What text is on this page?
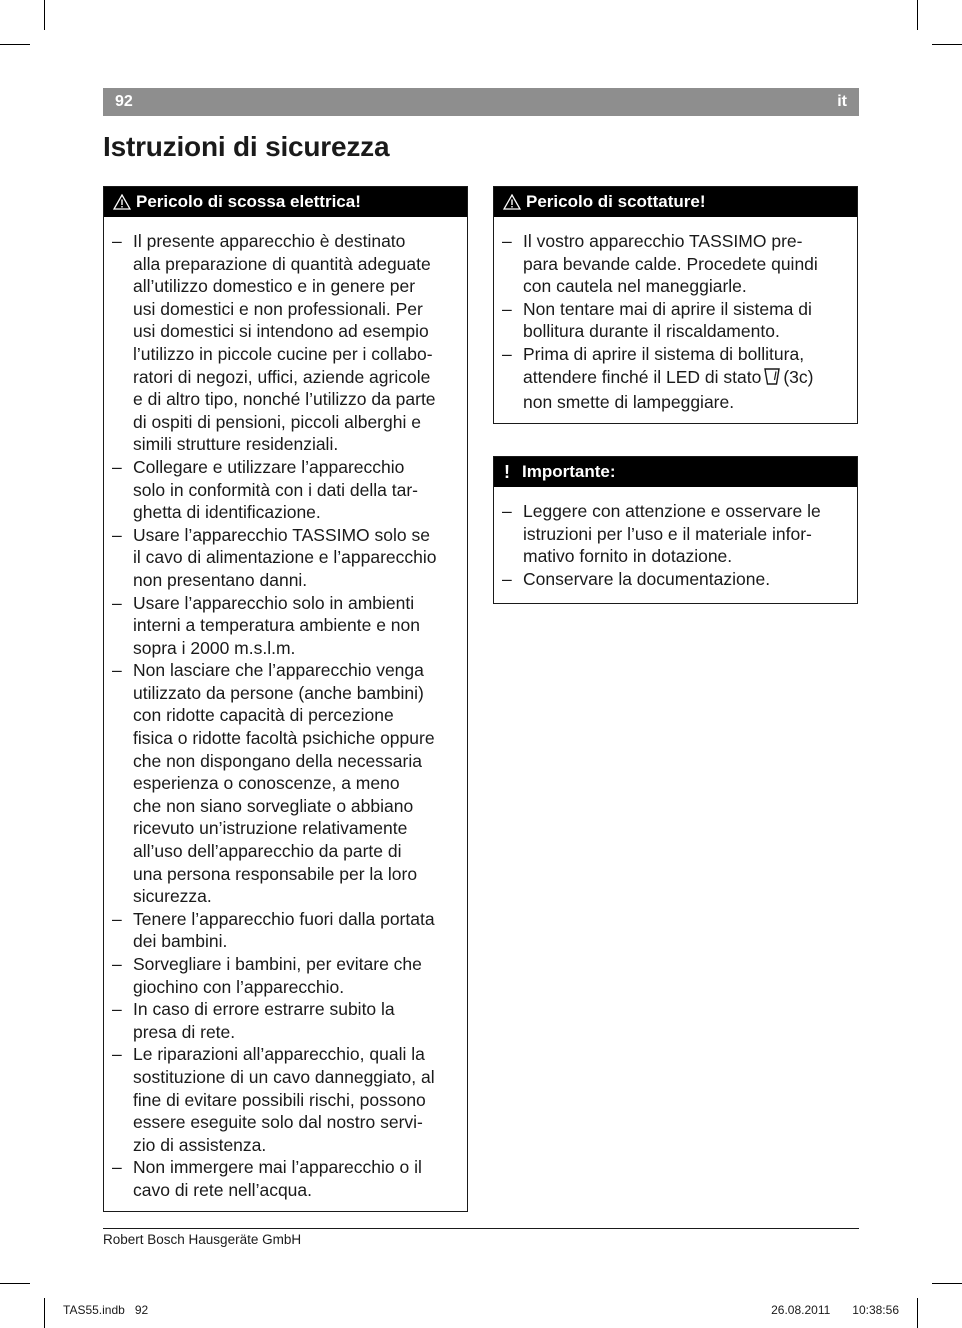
92	it
Istruzioni di sicurezza
Pericolo di scossa elettrica!
– Il presente apparecchio è destinato
alla preparazione di quantità adeguate
all’utilizzo domestico e in genere per
usi domestici e non professionali. Per
usi domestici si intendono ad esempio
l’utilizzo in piccole cucine per i collabo-
ratori di negozi, uffici, aziende agricole
e di altro tipo, nonché l’utilizzo da parte
di ospiti di pensioni, piccoli alberghi e
simili strutture residenziali.
– Collegare e utilizzare l’apparecchio
solo in conformità con i dati della tar-
ghetta di identificazione.
– Usare l’apparecchio TASSIMO solo se
il cavo di alimentazione e l’apparecchio
non presentano danni.
– Usare l’apparecchio solo in ambienti
interni a temperatura ambiente e non
sopra i 2000 m.s.l.m.
– Non lasciare che l’apparecchio venga
utilizzato da persone (anche bambini)
con ridotte capacità di percezione
fisica o ridotte facoltà psichiche oppure
che non dispongano della necessaria
esperienza o conoscenze, a meno
che non siano sorvegliate o abbiano
ricevuto un’istruzione relativamente
all’uso dell’apparecchio da parte di
una persona responsabile per la loro
sicurezza.
– Tenere l’apparecchio fuori dalla portata
dei bambini.
– Sorvegliare i bambini, per evitare che
giochino con l’apparecchio.
– In caso di errore estrarre subito la
presa di rete.
– Le riparazioni all’apparecchio, quali la
sostituzione di un cavo danneggiato, al
fine di evitare possibili rischi, possono
essere eseguite solo dal nostro servi-
zio di assistenza.
– Non immergere mai l’apparecchio o il
cavo di rete nell’acqua.
Pericolo di scottature!
– Il vostro apparecchio TASSIMO pre-
para bevande calde. Procedete quindi
con cautela nel maneggiarle.
– Non tentare mai di aprire il sistema di
bollitura durante il riscaldamento.
– Prima di aprire il sistema di bollitura,
attendere finché il LED di stato (3c)
non smette di lampeggiare.
! Importante:
– Leggere con attenzione e osservare le
istruzioni per l’uso e il materiale infor-
mativo fornito in dotazione.
– Conservare la documentazione.
Robert Bosch Hausgeräte GmbH
TAS55.indb   92	26.08.2011   10:38:56
